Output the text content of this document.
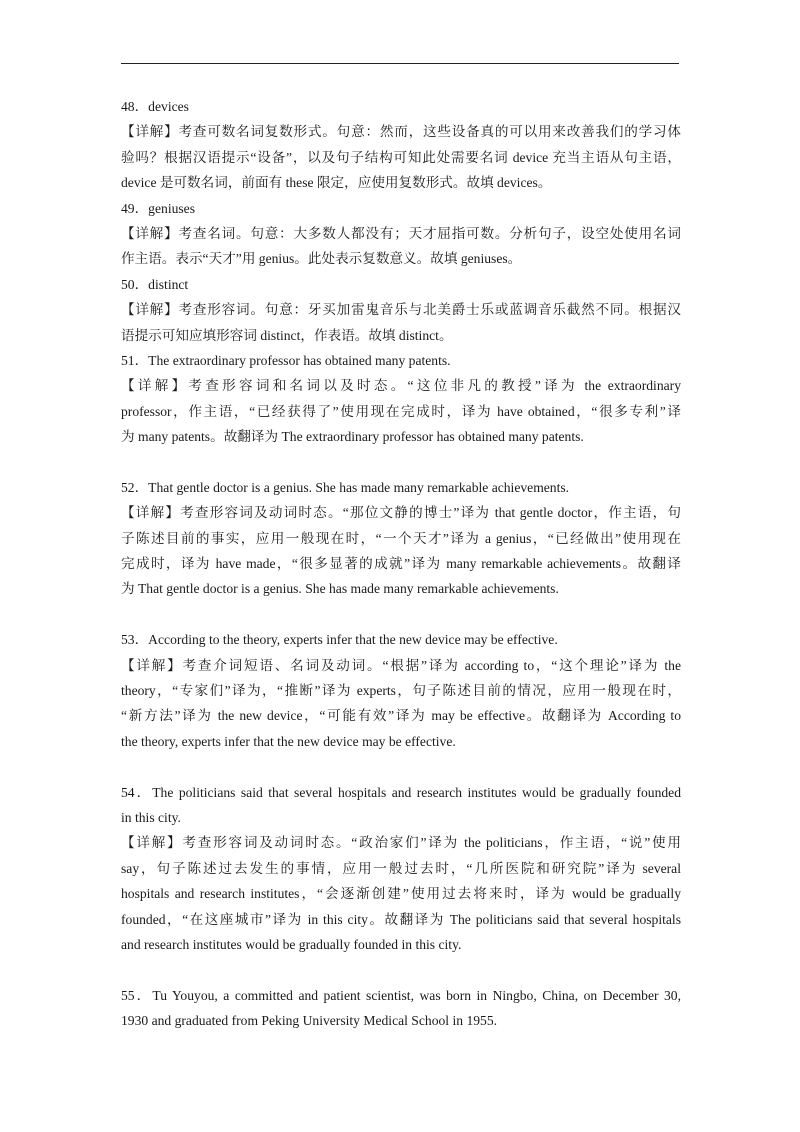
48．devices
【详解】考查可数名词复数形式。句意：然而，这些设备真的可以用来改善我们的学习体
验吗？根据汉语提示“设备”，以及句子结构可知此处需要名词 device 充当主语从句主语，
device 是可数名词，前面有 these 限定，应使用复数形式。故填 devices。
49．geniuses
【详解】考查名词。句意：大多数人都没有；天才屈指可数。分析句子，设空处使用名词
作主语。表示“天才”用 genius。此处表示复数意义。故填 geniuses。
50．distinct
【详解】考查形容词。句意：牙买加雷鬼音乐与北美爵士乐或蓝调音乐截然不同。根据汉
语提示可知应填形容词 distinct，作表语。故填 distinct。
51．The extraordinary professor has obtained many patents.
【详解】考查形容词和名词以及时态。“这位非凡的教授”译为 the extraordinary
professor，作主语，“已经获得了”使用现在完成时，译为 have obtained，“很多专利”译
为 many patents。故翻译为 The extraordinary professor has obtained many patents.
52．That gentle doctor is a genius. She has made many remarkable achievements.
【详解】考查形容词及动词时态。“那位文静的博士”译为 that gentle doctor，作主语，句
子陈述目前的事实，应用一般现在时，“一个天才”译为 a genius，“已经做出”使用现在
完成时，译为 have made，“很多显著的成就”译为 many remarkable achievements。故翻译
为 That gentle doctor is a genius. She has made many remarkable achievements.
53．According to the theory, experts infer that the new device may be effective.
【详解】考查介词短语、名词及动词。“根据”译为 according to，“这个理论”译为 the
theory，“专家们”译为，“推断”译为 experts，句子陈述目前的情况，应用一般现在时，
“新方法”译为 the new device，“可能有效”译为 may be effective。故翻译为 According to
the theory, experts infer that the new device may be effective.
54．The politicians said that several hospitals and research institutes would be gradually founded
in this city.
【详解】考查形容词及动词时态。“政治家们”译为 the politicians，作主语，“说”使用
say，句子陈述过去发生的事情，应用一般过去时，“几所医院和研究院”译为 several
hospitals and research institutes，“会逐渐创建”使用过去将来时，译为 would be gradually
founded，“在这座城市”译为 in this city。故翻译为 The politicians said that several hospitals
and research institutes would be gradually founded in this city.
55．Tu Youyou, a committed and patient scientist, was born in Ningbo, China, on December 30,
1930 and graduated from Peking University Medical School in 1955.
